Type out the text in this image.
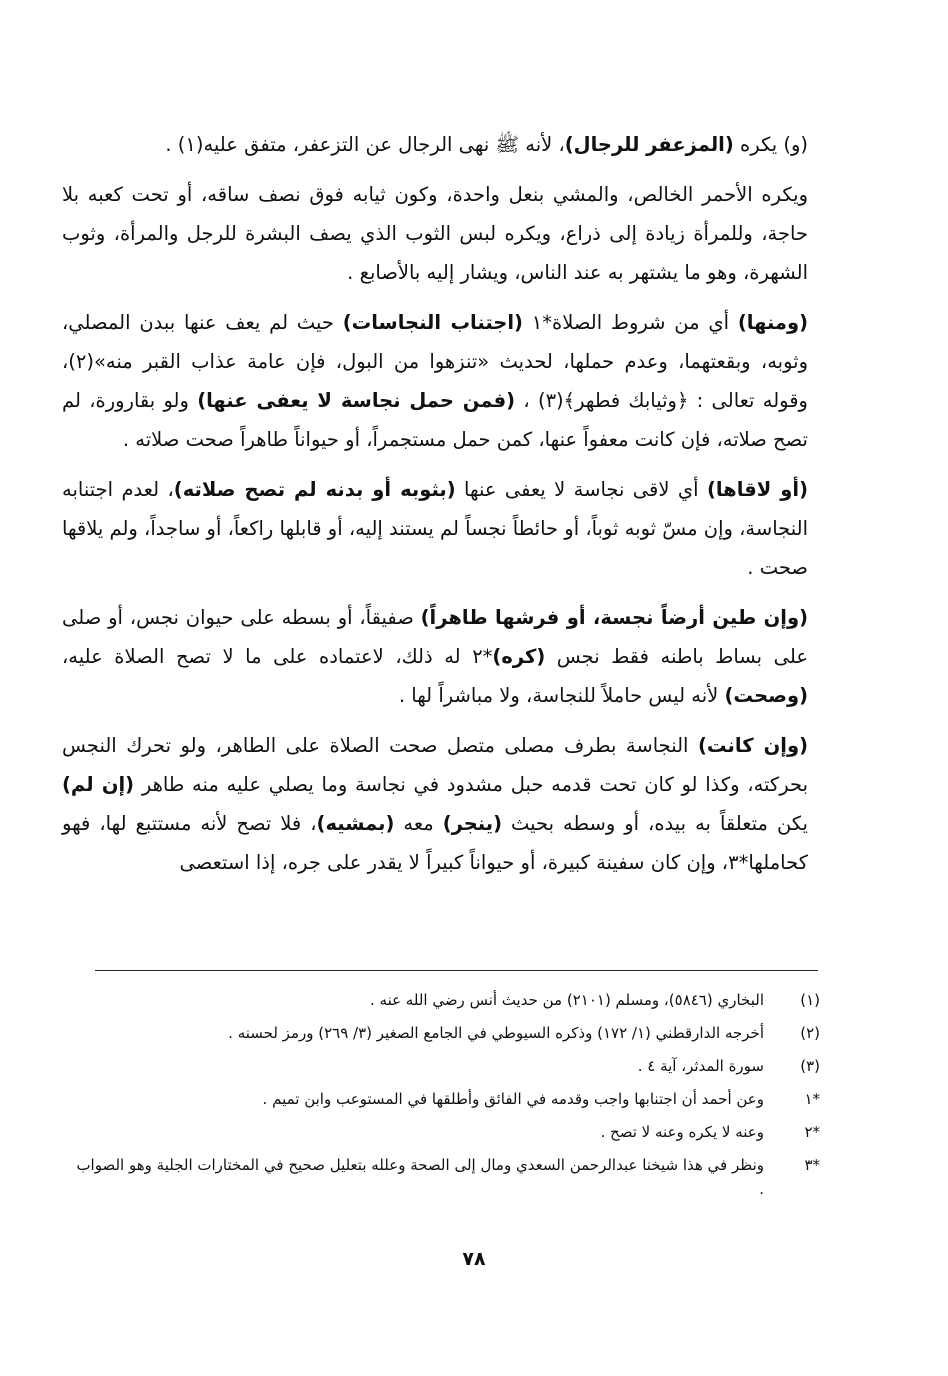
(و) يكره (المزعفر للرجال)، لأنه ﷺ نهى الرجال عن التزعفر، متفق عليه(١) .

ويكره الأحمر الخالص، والمشي بنعل واحدة، وكون ثيابه فوق نصف ساقه، أو تحت كعبه بلا حاجة، وللمرأة زيادة إلى ذراع، ويكره لبس الثوب الذي يصف البشرة للرجل والمرأة، وثوب الشهرة، وهو ما يشتهر به عند الناس، ويشار إليه بالأصابع .

(ومنها) أي من شروط الصلاة*١ (اجتناب النجاسات) حيث لم يعف عنها ببدن المصلي، وثوبه، وبقعتهما، وعدم حملها، لحديث «تنزهوا من البول، فإن عامة عذاب القبر منه»(٢)، وقوله تعالى : ﴿وثيابك فطهر﴾(٣) ، (فمن حمل نجاسة لا يعفى عنها) ولو بقارورة، لم تصح صلاته، فإن كانت معفواً عنها، كمن حمل مستجمراً، أو حيواناً طاهراً صحت صلاته .

(أو لاقاها) أي لاقى نجاسة لا يعفى عنها (بثوبه أو بدنه لم تصح صلاته)، لعدم اجتنابه النجاسة، وإن مسّ ثوبه ثوباً، أو حائطاً نجساً لم يستند إليه، أو قابلها راكعاً، أو ساجداً، ولم يلاقها صحت .

(وإن طين أرضاً نجسة، أو فرشها طاهراً) صفيقاً، أو بسطه على حيوان نجس، أو صلى على بساط باطنه فقط نجس (كره)*٢ له ذلك، لاعتماده على ما لا تصح الصلاة عليه، (وصحت) لأنه ليس حاملاً للنجاسة، ولا مباشراً لها .

(وإن كانت) النجاسة بطرف مصلى متصل صحت الصلاة على الطاهر، ولو تحرك النجس بحركته، وكذا لو كان تحت قدمه حبل مشدود في نجاسة وما يصلي عليه منه طاهر (إن لم) يكن متعلقاً به بيده، أو وسطه بحيث (ينجر) معه (بمشيه)، فلا تصح لأنه مستتبع لها، فهو كحاملها*٣، وإن كان سفينة كبيرة، أو حيواناً كبيراً لا يقدر على جره، إذا استعصى

(١)
البخاري (٥٨٤٦)، ومسلم (٢١٠١) من حديث أنس رضي الله عنه .
(٢)
أخرجه الدارقطني (١/ ١٧٢) وذكره السيوطي في الجامع الصغير (٣/ ٢٦٩) ورمز لحسنه .
(٣)
سورة المدثر، آية ٤ .
*١
وعن أحمد أن اجتنابها واجب وقدمه في الفائق وأطلقها في المستوعب وابن تميم .
*٢
وعنه لا يكره وعنه لا تصح .
*٣
ونظر في هذا شيخنا عبدالرحمن السعدي ومال إلى الصحة وعلله بتعليل صحيح في المختارات الجلية وهو الصواب .
٧٨
